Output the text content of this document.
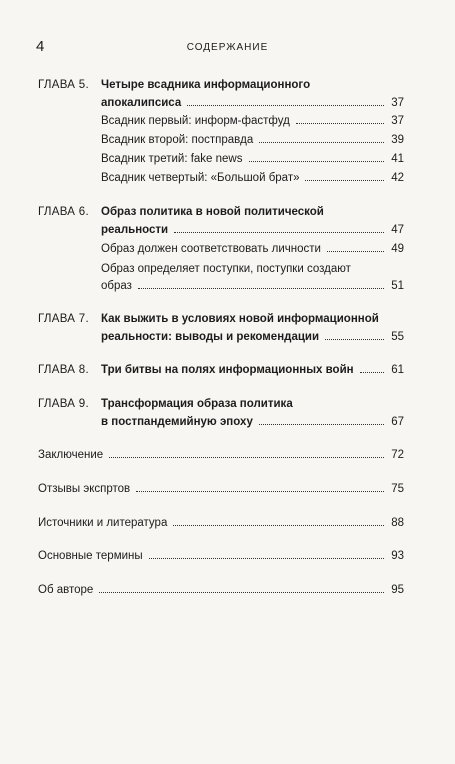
4	СОДЕРЖАНИЕ
ГЛАВА 5. Четыре всадника информационного
апокалипсиса	37
Всадник первый: информ-фастфуд	37
Всадник второй: постправда	39
Всадник третий: fake news	41
Всадник четвертый: «Большой брат»	42
ГЛАВА 6. Образ политика в новой политической
реальности	47
Образ должен соответствовать личности	49
Образ определяет поступки, поступки создают
образ	51
ГЛАВА 7. Как выжить в условиях новой информационной
реальности: выводы и рекомендации	55
ГЛАВА 8. Три битвы на полях информационных войн	61
ГЛАВА 9. Трансформация образа политика
в постпандемийную эпоху	67
Заключение	72
Отзывы экспртов	75
Источники и литература	88
Основные термины	93
Об авторе	95
